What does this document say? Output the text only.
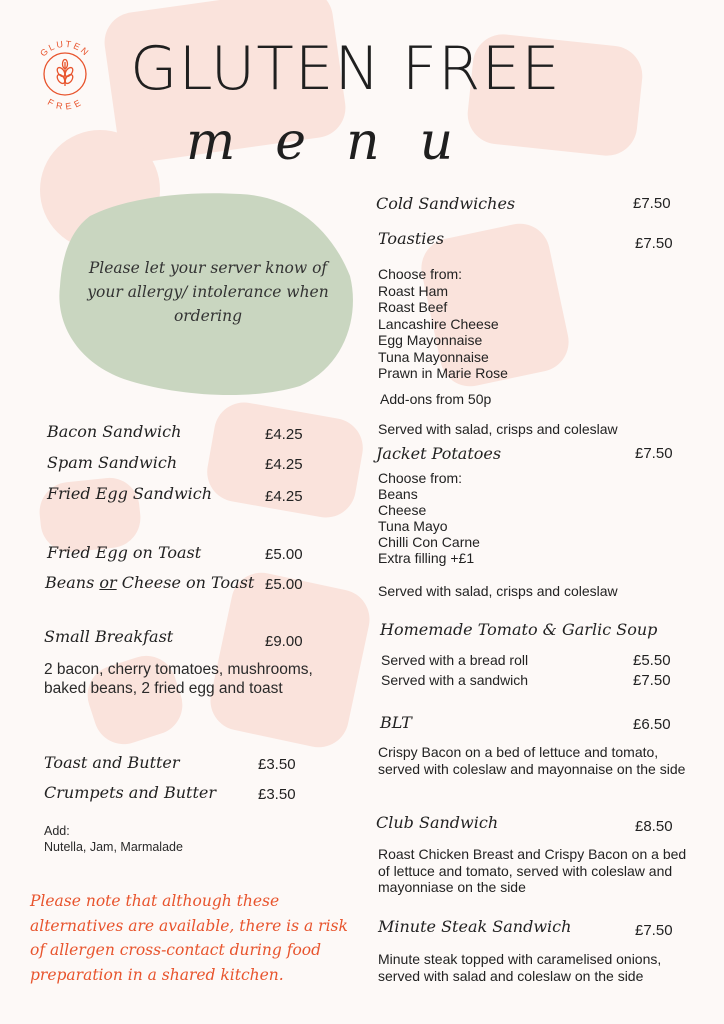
GLUTEN
FREE GLUTEN FREE
menu
Please let your server know of your allergy/ intolerance when ordering
Bacon Sandwich	£4.25
Spam Sandwich	£4.25
Fried Egg Sandwich	£4.25
Fried Egg on Toast	£5.00
Beans or Cheese on Toast £5.00
Small Breakfast	£9.00
2 bacon, cherry tomatoes, mushrooms, baked beans, 2 fried egg and toast
Toast and Butter	£3.50
Crumpets and Butter	£3.50
Add:
Nutella, Jam, Marmalade
Please note that although these alternatives are available, there is a risk of allergen cross-contact during food preparation in a shared kitchen.
Cold Sandwiches	£7.50
Toasties	£7.50
Choose from:
Roast Ham
Roast Beef
Lancashire Cheese
Egg Mayonnaise
Tuna Mayonnaise
Prawn in Marie Rose
Add-ons from 50p
Served with salad, crisps and coleslaw
Jacket Potatoes	£7.50
Choose from:
Beans
Cheese
Tuna Mayo
Chilli Con Carne
Extra filling +£1
Served with salad, crisps and coleslaw
Homemade Tomato & Garlic Soup
Served with a bread roll	£5.50
Served with a sandwich	£7.50
BLT	£6.50
Crispy Bacon on a bed of lettuce and tomato, served with coleslaw and mayonnaise on the side
Club Sandwich	£8.50
Roast Chicken Breast and Crispy Bacon on a bed of lettuce and tomato, served with coleslaw and mayonniase on the side
Minute Steak Sandwich	£7.50
Minute steak topped with caramelised onions, served with salad and coleslaw on the side
